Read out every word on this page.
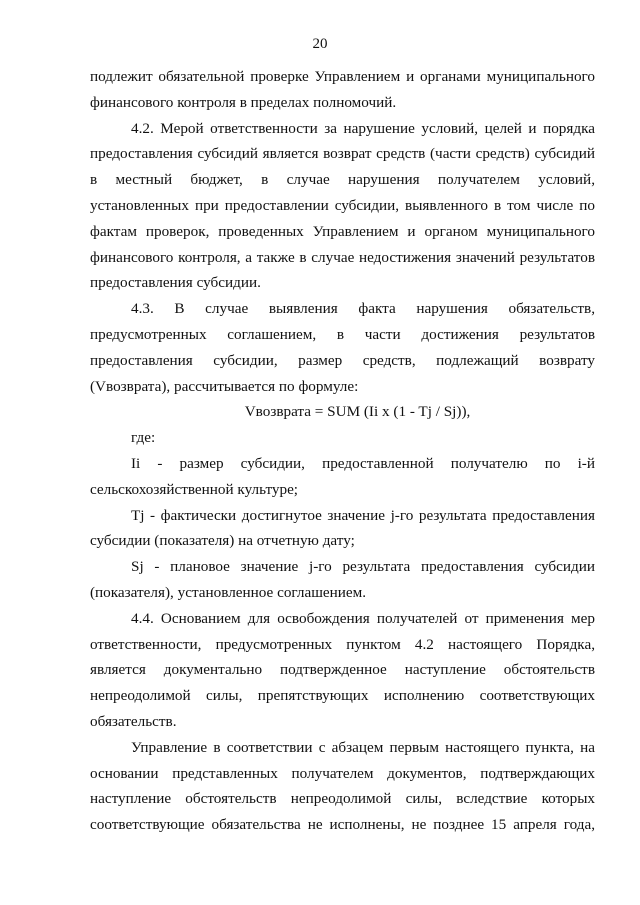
20

подлежит обязательной проверке Управлением и органами муниципального

финансового контроля в пределах полномочий.

4.2. Мерой ответственности за нарушение условий, целей и порядка

предоставления субсидий является возврат средств (части средств) субсидий

в местный бюджет, в случае нарушения получателем условий,

установленных при предоставлении субсидии, выявленного в том числе по

фактам проверок, проведенных Управлением и органом муниципального

финансового контроля, а также в случае недостижения значений результатов

предоставления субсидии.

4.3. В случае выявления факта нарушения обязательств,

предусмотренных соглашением, в части достижения результатов

предоставления субсидии, размер средств, подлежащий возврату

(Vвозврата), рассчитывается по формуле:

Vвозврата = SUM (Ii x (1 - Tj / Sj)),

где:

Ii - размер субсидии, предоставленной получателю по i-й

сельскохозяйственной культуре;

Tj - фактически достигнутое значение j-го результата предоставления

субсидии (показателя) на отчетную дату;

Sj - плановое значение j-го результата предоставления субсидии

(показателя), установленное соглашением.

4.4. Основанием для освобождения получателей от применения мер

ответственности, предусмотренных пунктом 4.2 настоящего Порядка,

является документально подтвержденное наступление обстоятельств

непреодолимой силы, препятствующих исполнению соответствующих

обязательств.

Управление в соответствии с абзацем первым настоящего пункта, на

основании представленных получателем документов, подтверждающих

наступление обстоятельств непреодолимой силы, вследствие которых

соответствующие обязательства не исполнены, не позднее 15 апреля года,
